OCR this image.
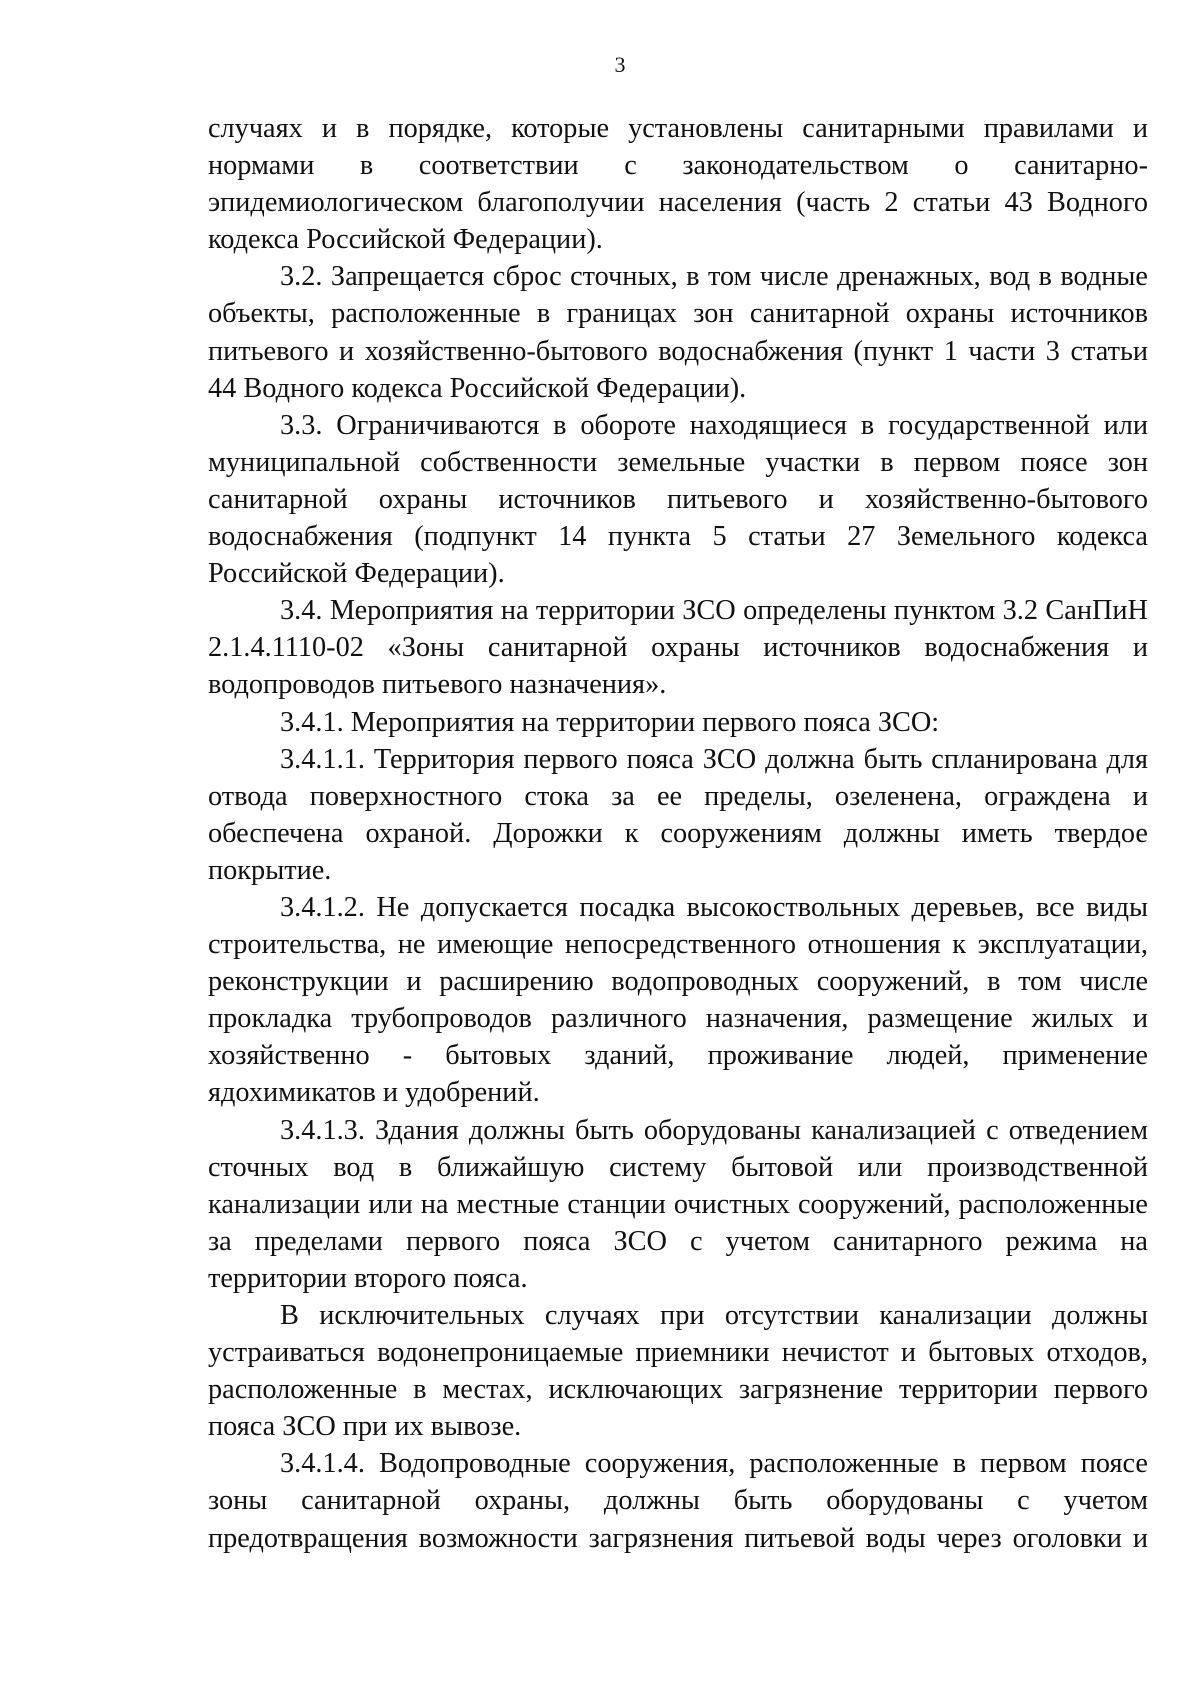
3

случаях и в порядке, которые установлены санитарными правилами и нормами в соответствии с законодательством о санитарно-эпидемиологическом благополучии населения (часть 2 статьи 43 Водного кодекса Российской Федерации).

3.2. Запрещается сброс сточных, в том числе дренажных, вод в водные объекты, расположенные в границах зон санитарной охраны источников питьевого и хозяйственно-бытового водоснабжения (пункт 1 части 3 статьи 44 Водного кодекса Российской Федерации).

3.3. Ограничиваются в обороте находящиеся в государственной или муниципальной собственности земельные участки в первом поясе зон санитарной охраны источников питьевого и хозяйственно-бытового водоснабжения (подпункт 14 пункта 5 статьи 27 Земельного кодекса Российской Федерации).

3.4. Мероприятия на территории ЗСО определены пунктом 3.2 СанПиН 2.1.4.1110-02 «Зоны санитарной охраны источников водоснабжения и водопроводов питьевого назначения».

3.4.1. Мероприятия на территории первого пояса ЗСО:

3.4.1.1. Территория первого пояса ЗСО должна быть спланирована для отвода поверхностного стока за ее пределы, озеленена, ограждена и обеспечена охраной. Дорожки к сооружениям должны иметь твердое покрытие.

3.4.1.2. Не допускается посадка высокоствольных деревьев, все виды строительства, не имеющие непосредственного отношения к эксплуатации, реконструкции и расширению водопроводных сооружений, в том числе прокладка трубопроводов различного назначения, размещение жилых и хозяйственно - бытовых зданий, проживание людей, применение ядохимикатов и удобрений.

3.4.1.3. Здания должны быть оборудованы канализацией с отведением сточных вод в ближайшую систему бытовой или производственной канализации или на местные станции очистных сооружений, расположенные за пределами первого пояса ЗСО с учетом санитарного режима на территории второго пояса.

В исключительных случаях при отсутствии канализации должны устраиваться водонепроницаемые приемники нечистот и бытовых отходов, расположенные в местах, исключающих загрязнение территории первого пояса ЗСО при их вывозе.

3.4.1.4. Водопроводные сооружения, расположенные в первом поясе зоны санитарной охраны, должны быть оборудованы с учетом предотвращения возможности загрязнения питьевой воды через оголовки и
